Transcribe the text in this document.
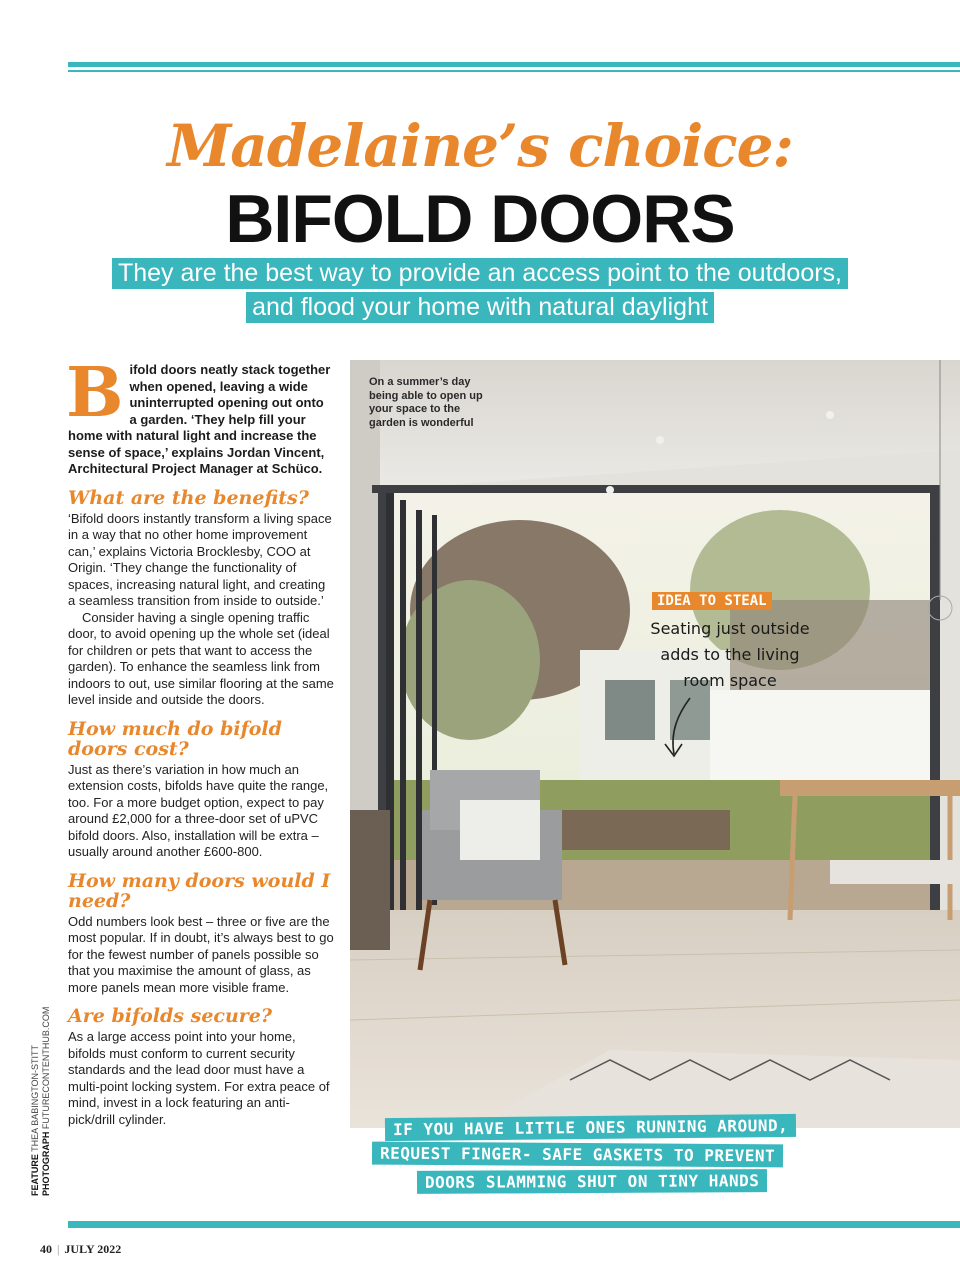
Madelaine’s choice:
BIFOLD DOORS
They are the best way to provide an access point to the outdoors,
and flood your home with natural daylight

B ifold doors neatly stack together when opened, leaving a wide uninterrupted opening out onto a garden. ‘They help fill your home with natural light and increase the sense of space,’ explains Jordan Vincent, Architectural Project Manager at Schüco.

What are the benefits?

‘Bifold doors instantly transform a living space in a way that no other home improvement can,’ explains Victoria Brocklesby, COO at Origin. ‘They change the functionality of spaces, increasing natural light, and creating a seamless transition from inside to outside.’

Consider having a single opening traffic door, to avoid opening up the whole set (ideal for children or pets that want to access the garden). To enhance the seamless link from indoors to out, use similar flooring at the same level inside and outside the doors.

How much do bifold doors cost?

Just as there’s variation in how much an extension costs, bifolds have quite the range, too. For a more budget option, expect to pay around £2,000 for a three-door set of uPVC bifold doors. Also, installation will be extra – usually around another £600-800.

How many doors would I need?

Odd numbers look best – three or five are the most popular. If in doubt, it’s always best to go for the fewest number of panels possible so that you maximise the amount of glass, as more panels mean more visible frame.

Are bifolds secure?

As a large access point into your home, bifolds must conform to current security standards and the lead door must have a multi-point locking system. For extra peace of mind, invest in a lock featuring an anti-pick/drill cylinder.

On a summer’s day being able to open up your space to the garden is wonderful

IDEA TO STEAL

Seating just outside adds to the living room space

IF YOU HAVE LITTLE ONES RUNNING AROUND,
REQUEST FINGER- SAFE GASKETS TO PREVENT
DOORS SLAMMING SHUT ON TINY HANDS
FEATURE THEA BABINGTON-STITT
PHOTOGRAPH FUTURECONTENTHUB.COM
40 | JULY 2022
